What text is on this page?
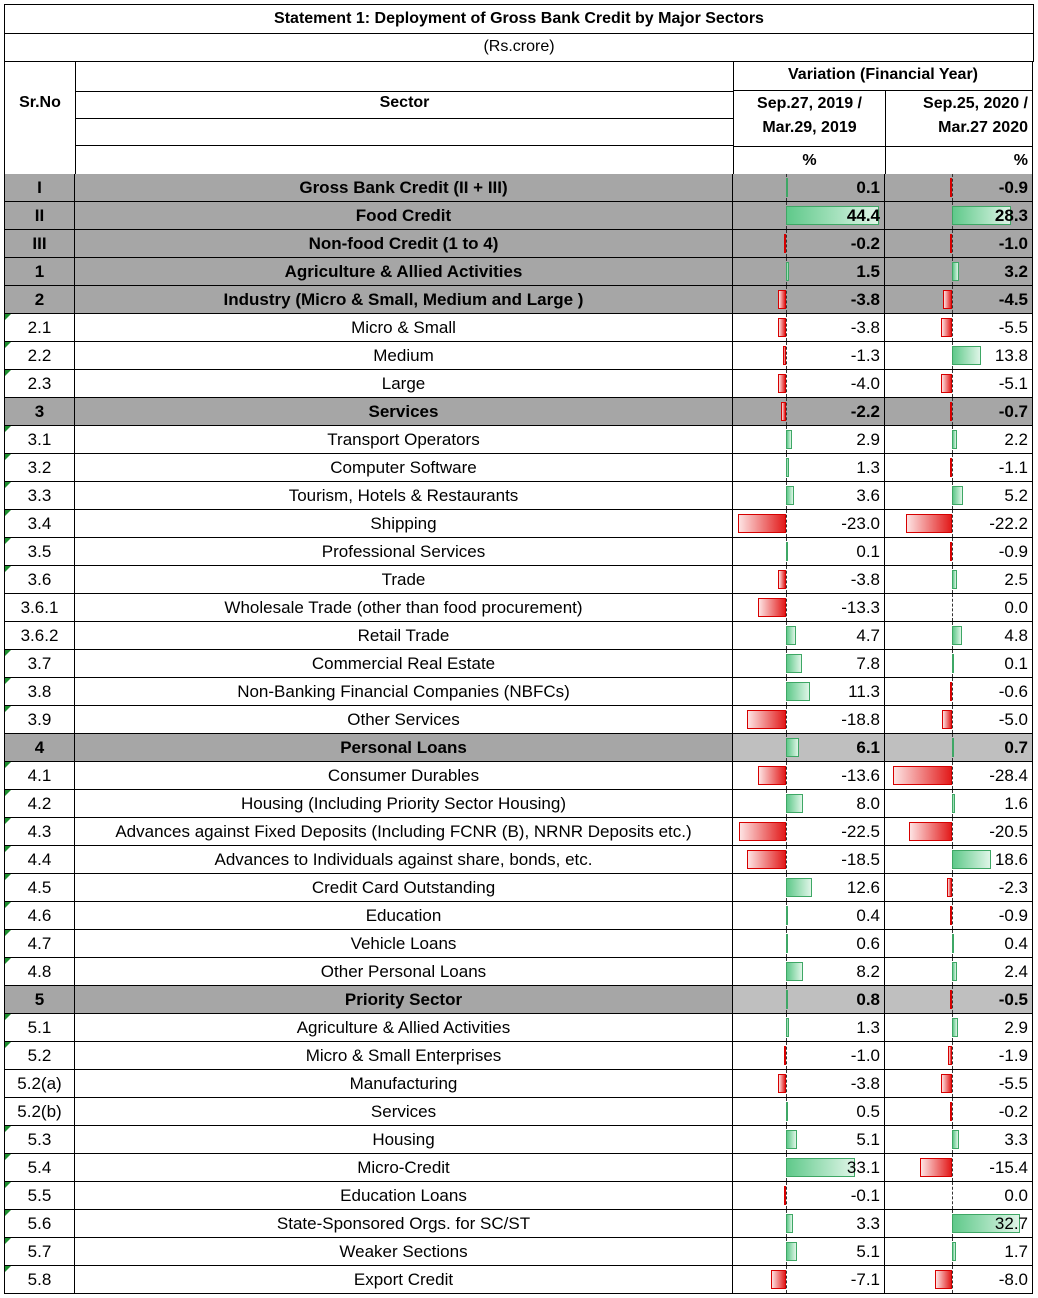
Statement 1: Deployment of Gross Bank Credit by Major Sectors
(Rs.crore)
Sr.No	Sector
Variation (Financial Year)
Sep.27, 2019 /
Mar.29, 2019
%
Sep.25, 2020 /
Mar.27 2020
%
I	Gross Bank Credit (II + III)	0.1	-0.9
II	Food Credit	44.4	28.3
III	Non-food Credit (1 to 4)	-0.2	-1.0
1	Agriculture & Allied Activities	1.5	3.2
2	Industry (Micro & Small, Medium and Large )	-3.8	-4.5
2.1	Micro & Small	-3.8	-5.5
2.2	Medium	-1.3	13.8
2.3	Large	-4.0	-5.1
3	Services	-2.2	-0.7
3.1	Transport Operators	2.9	2.2
3.2	Computer Software	1.3	-1.1
3.3	Tourism, Hotels & Restaurants	3.6	5.2
3.4	Shipping	-23.0	-22.2
3.5	Professional Services	0.1	-0.9
3.6	Trade	-3.8	2.5
3.6.1	Wholesale Trade (other than food procurement)	-13.3	0.0
3.6.2	Retail Trade	4.7	4.8
3.7	Commercial Real Estate	7.8	0.1
3.8	Non-Banking Financial Companies (NBFCs)	11.3	-0.6
3.9	Other Services	-18.8	-5.0
4	Personal Loans	6.1	0.7
4.1	Consumer Durables	-13.6	-28.4
4.2	Housing (Including Priority Sector Housing)	8.0	1.6
4.3	Advances against Fixed Deposits (Including FCNR (B), NRNR Deposits etc.)	-22.5	-20.5
4.4	Advances to Individuals against share, bonds, etc.	-18.5	18.6
4.5	Credit Card Outstanding	12.6	-2.3
4.6	Education	0.4	-0.9
4.7	Vehicle Loans	0.6	0.4
4.8	Other Personal Loans	8.2	2.4
5	Priority Sector	0.8	-0.5
5.1	Agriculture & Allied Activities	1.3	2.9
5.2	Micro & Small Enterprises	-1.0	-1.9
5.2(a)	Manufacturing	-3.8	-5.5
5.2(b)	Services	0.5	-0.2
5.3	Housing	5.1	3.3
5.4	Micro-Credit	33.1	-15.4
5.5	Education Loans	-0.1	0.0
5.6	State-Sponsored Orgs. for SC/ST	3.3	32.7
5.7	Weaker Sections	5.1	1.7
5.8	Export Credit	-7.1	-8.0
